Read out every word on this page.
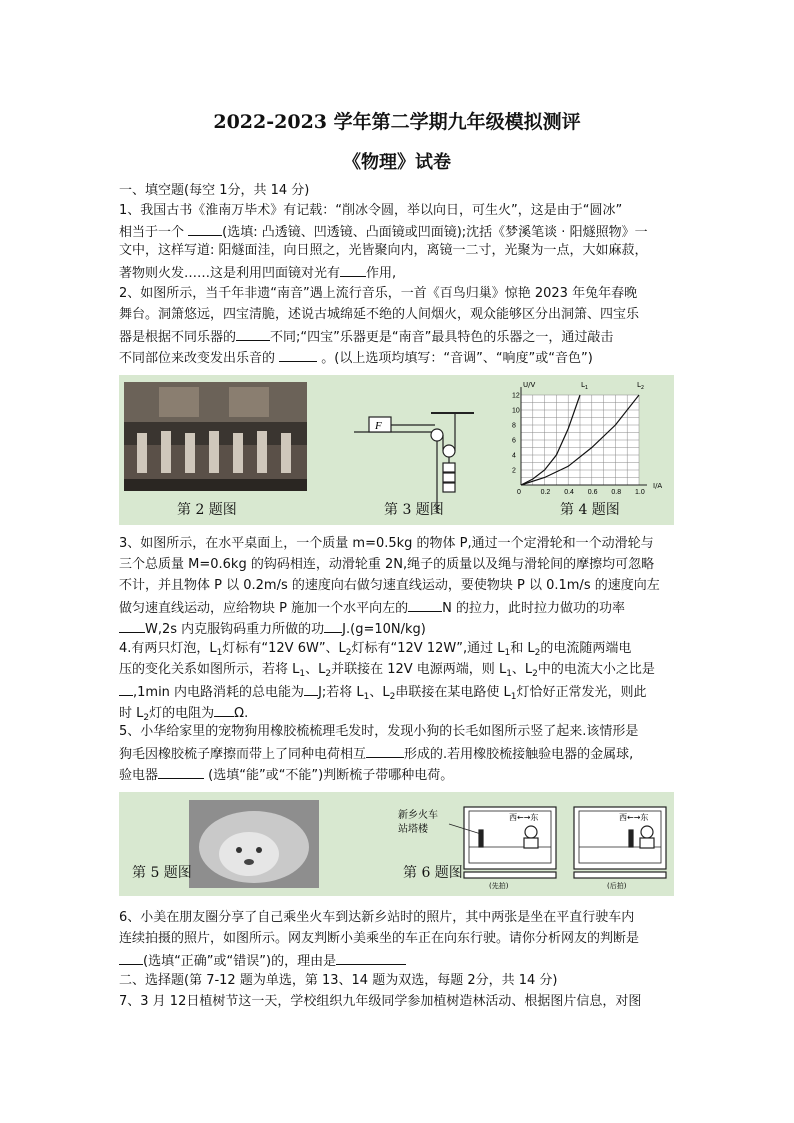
2022-2023 学年第二学期九年级模拟测评
《物理》试卷
一、填空题(每空 1分，共 14 分)
1、我国古书《淮南万毕术》有记载：“削冰令圆，举以向日，可生火”，这是由于“圆冰”
相当于一个	(选填: 凸透镜、凹透镜、凸面镜或凹面镜);沈括《梦溪笔谈 · 阳燧照物》一
文中，这样写道: 阳燧面洼，向日照之，光皆聚向内，离镜一二寸，光聚为一点，大如麻菽，
著物则火发……这是利用凹面镜对光有 作用,
2、如图所示，当千年非遗“南音”遇上流行音乐，一首《百鸟归巢》惊艳 2023 年兔年春晚
舞台。洞箫悠远，四宝清脆，述说古城绵延不绝的人间烟火，观众能够区分出洞箫、四宝乐
器是根据不同乐器的	不同;“四宝”乐器更是“南音”最具特色的乐器之一，通过敲击
不同部位来改变发出乐音的	。(以上选项均填写：“音调”、“响度”或“音色”)
F
12
10
8
6
4
2
0	0.2 0.4 0.6 0.8 1.0
U/V
I/A
$L_1$	$L_2$
第 2 题图	第 3 题图	第 4 题图
3、如图所示，在水平桌面上，一个质量 m=0.5kg 的物体 P,通过一个定滑轮和一个动滑轮与
三个总质量 M=0.6kg 的钩码相连，动滑轮重 2N,绳子的质量以及绳与滑轮间的摩擦均可忽略
不计，并且物体 P 以 0.2m/s 的速度向右做匀速直线运动，要使物块 P 以 0.1m/s 的速度向左
做匀速直线运动，应给物块 P 施加一个水平向左的	N 的拉力，此时拉力做功的功率
W,2s 内克服钩码重力所做的功 J.(g=10N/kg)
4.有两只灯泡，$L_1$灯标有“12V 6W”、$L_2$灯标有“12V 12W”,通过 $L_1$和 $L_2$的电流随两端电
压的变化关系如图所示，若将 $L_1$、$L_2$并联接在 12V 电源两端，则 $L_1$、$L_2$中的电流大小之比是
,1min 内电路消耗的总电能为 J;若将 $L_1$、$L_2$串联接在某电路使 $L_1$灯恰好正常发光，则此
时 $L_2$灯的电阻为 Ω.
5、小华给家里的宠物狗用橡胶梳梳理毛发时，发现小狗的长毛如图所示竖了起来.该情形是
狗毛因橡胶梳子摩擦而带上了同种电荷相互	形成的.若用橡胶梳接触验电器的金属球,
验电器	(选填“能”或“不能”)判断梳子带哪种电荷。
西←→东	西←→东
(先拍)	(后拍)
新乡火车
站塔楼
第 5 题图	第 6 题图
6、小美在朋友圈分享了自己乘坐火车到达新乡站时的照片，其中两张是坐在平直行驶车内
连续拍摄的照片，如图所示。网友判断小美乘坐的车正在向东行驶。请你分析网友的判断是
(选填“正确”或“错误”)的，理由是
二、选择题(第 7-12 题为单选，第 13、14 题为双选，每题 2分，共 14 分)
7、3 月 12日植树节这一天，学校组织九年级同学参加植树造林活动、根据图片信息，对图
